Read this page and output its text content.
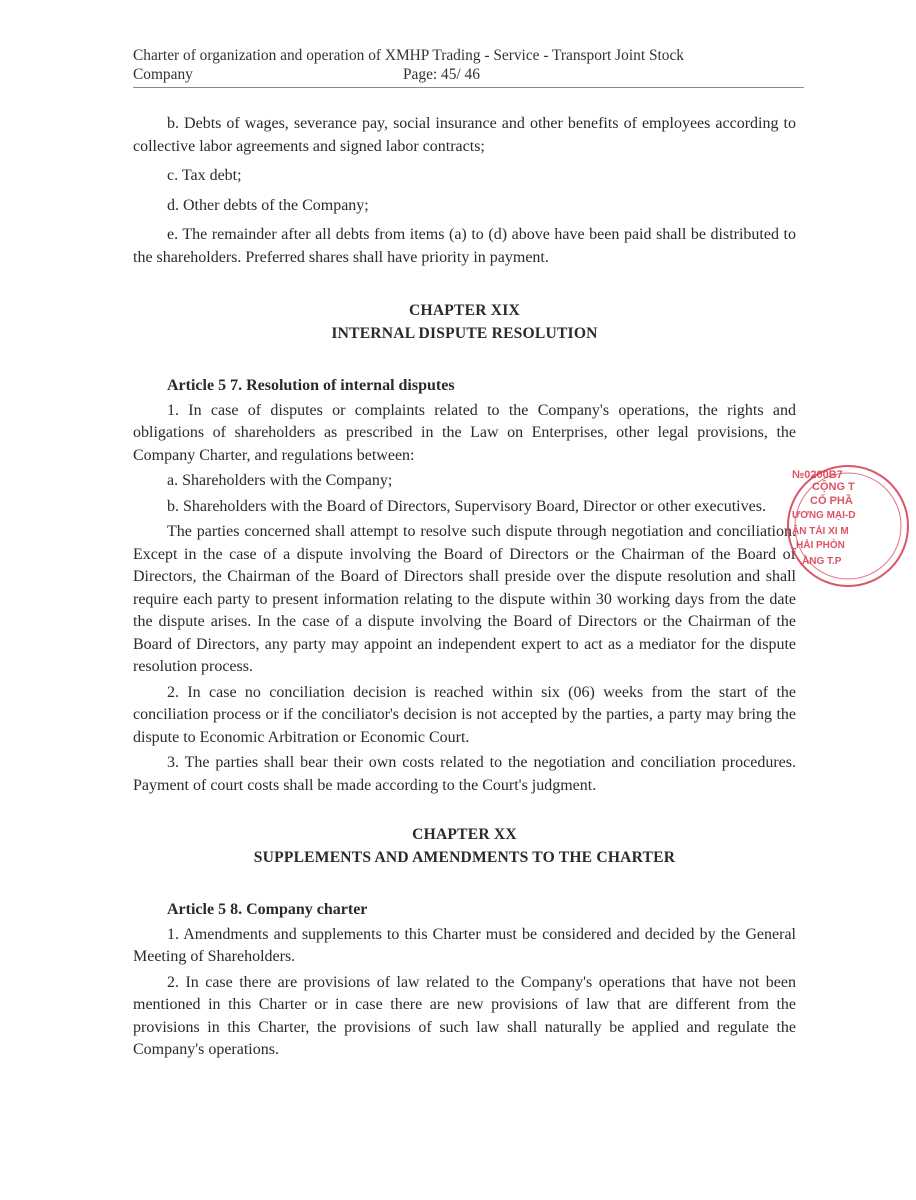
Charter of organization and operation of XMHP Trading - Service - Transport Joint Stock
Company	Page: 45/ 46

b. Debts of wages, severance pay, social insurance and other benefits of employees according to collective labor agreements and signed labor contracts;

c. Tax debt;

d. Other debts of the Company;

e. The remainder after all debts from items (a) to (d) above have been paid shall be distributed to the shareholders. Preferred shares shall have priority in payment.

CHAPTER XIX

INTERNAL DISPUTE RESOLUTION

Article 5 7. Resolution of internal disputes

1. In case of disputes or complaints related to the Company's operations, the rights and obligations of shareholders as prescribed in the Law on Enterprises, other legal provisions, the Company Charter, and regulations between:

a. Shareholders with the Company;

b. Shareholders with the Board of Directors, Supervisory Board, Director or other executives.

The parties concerned shall attempt to resolve such dispute through negotiation and conciliation. Except in the case of a dispute involving the Board of Directors or the Chairman of the Board of Directors, the Chairman of the Board of Directors shall preside over the dispute resolution and shall require each party to present information relating to the dispute within 30 working days from the date the dispute arises. In the case of a dispute involving the Board of Directors or the Chairman of the Board of Directors, any party may appoint an independent expert to act as a mediator for the dispute resolution process.

2. In case no conciliation decision is reached within six (06) weeks from the start of the conciliation process or if the conciliator's decision is not accepted by the parties, a party may bring the dispute to Economic Arbitration or Economic Court.

3. The parties shall bear their own costs related to the negotiation and conciliation procedures. Payment of court costs shall be made according to the Court's judgment.

CHAPTER XX

SUPPLEMENTS AND AMENDMENTS TO THE CHARTER

Article 5 8. Company charter

1. Amendments and supplements to this Charter must be considered and decided by the General Meeting of Shareholders.

2. In case there are provisions of law related to the Company's operations that have not been mentioned in this Charter or in case there are new provisions of law that are different from the provisions in this Charter, the provisions of such law shall naturally be applied and regulate the Company's operations.

№0200B7
CỘNG T
CỔ PHẦ
ƯƠNG MẠI-D
ẬN TẢI XI M
HẢI PHÒN
ẰNG T.P
